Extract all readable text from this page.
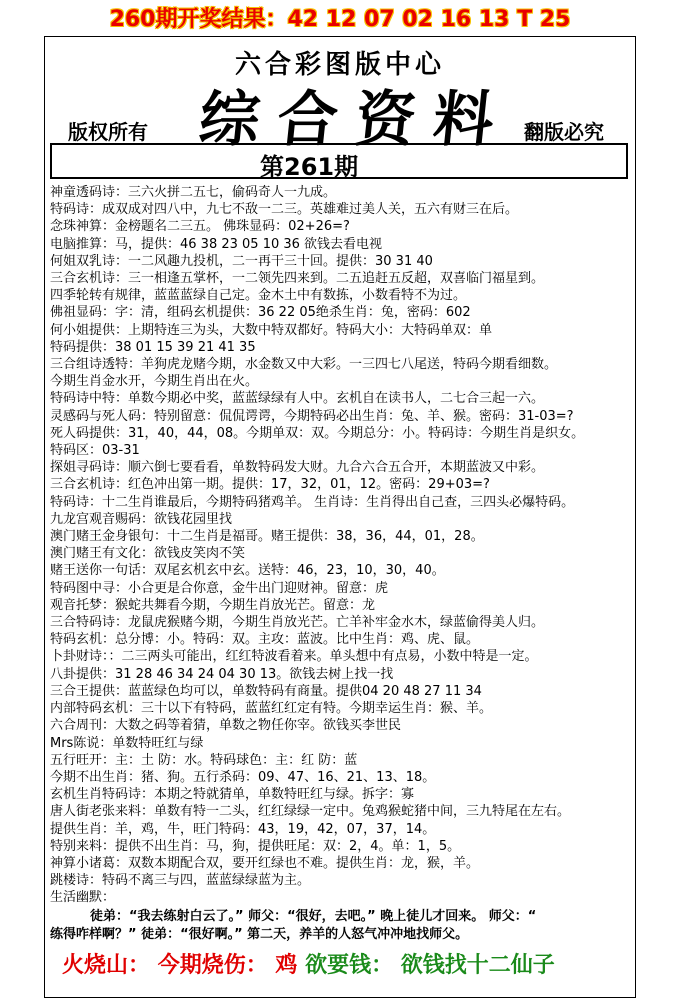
260期开奖结果：42 12 07 02 16 13 T 25
六合彩图版中心
综合资料
版权所有	翻版必究
第261期
神童透码诗：三六火拼二五七，偷码奇人一九成。
特码诗：成双成对四八中，九七不敌一二三。英雄难过美人关，五六有财三在后。
念珠神算：金榜题名二三五。 佛珠显码：02+26=?
电脑推算：马，提供：46 38 23 05 10 36 欲钱去看电视
何姐双乳诗：一二风趣九投机，二一再干三十回。提供：30 31 40
三合玄机诗：三一相逢五掌杯，一二领先四来到。二五追赶五反超，双喜临门福星到。
四季轮转有规律，蓝蓝蓝绿自己定。金木土中有数拣，小数看特不为过。
佛祖显码：字：清，组码玄机提供：36 22 05绝杀生肖：兔，密码：602
何小姐提供：上期特连三为头，大数中特双都好。特码大小：大特码单双：单
特码提供：38 01 15 39 21 41 35
三合组诗透特：羊狗虎龙赌今期，水金数又中大彩。一三四七八尾送，特码今期看细数。
今期生肖金水开，今期生肖出在火。
特码诗中特：单数今期必中奖，蓝蓝绿绿有人中。玄机自在读书人，二七合三起一六。
灵感码与死人码：特别留意：侃侃谔谔，今期特码必出生肖：兔、羊、猴。密码：31-03=?
死人码提供：31，40，44，08。今期单双：双。今期总分：小。特码诗：今期生肖是织女。
特码区：03-31
探姐寻码诗：顺六倒七要看看，单数特码发大财。九合六合五合开，本期蓝波又中彩。
三合玄机诗：红色冲出第一期。提供：17，32，01，12。密码：29+03=?
特码诗：十二生肖谁最后，今期特码猪鸡羊。 生肖诗：生肖得出自己查，三四头必爆特码。
九龙宫观音赐码：欲钱花园里找
澳门赌王金身银句：十二生肖是福哥。赌王提供：38，36，44，01，28。
澳门赌王有文化：欲钱皮笑肉不笑
赌王送你一句话：双尾玄机玄中玄。送特：46，23，10，30，40。
特码图中寻：小合更是合你意，金牛出门迎财神。留意：虎
观音托梦：猴蛇共舞看今期，今期生肖放光芒。留意：龙
三合特码诗：龙鼠虎猴赌今期，今期生肖放光芒。亡羊补牢金水木，绿蓝偷得美人归。
特码玄机：总分博：小。特码：双。主攻：蓝波。比中生肖：鸡、虎、鼠。
卜卦财诗：：二三两头可能出，红红特波看着来。单头想中有点易，小数中特是一定。
八卦提供：31 28 46 34 24 04 30 13。欲钱去树上找一找
三合王提供：蓝蓝绿色均可以，单数特码有商量。提供04 20 48 27 11 34
内部特码玄机：三十以下有特码，蓝蓝红红定有特。今期幸运生肖：猴、羊。
六合周刊：大数之码等着猜，单数之物任你宰。欲钱买李世民
Mrs陈说：单数特旺红与绿
五行旺开：主：土 防：水。特码球色：主：红 防：蓝
今期不出生肖：猪、狗。五行杀码：09、47、16、21、13、18。
玄机生肖特码诗：本期之特就猜单，单数特旺红与绿。拆字：寡
唐人街老张来料：单数有特一二头，红红绿绿一定中。兔鸡猴蛇猪中间，三九特尾在左右。
提供生肖：羊，鸡，牛，旺门特码：43，19，42，07，37，14。
特别来料：提供不出生肖：马，狗，提供旺尾：双：2，4。单：1，5。
神算小诸葛：双数本期配合双，要开红绿也不难。提供生肖：龙，猴，羊。
跳楼诗：特码不离三与四，蓝蓝绿绿蓝为主。
生活幽默：
徒弟：“我去练射白云了。” 师父：“很好，去吧。” 晚上徒儿才回来。 师父：“
练得咋样啊？” 徒弟：“很好啊。” 第二天，养羊的人怒气冲冲地找师父。
火烧山： 今期烧伤： 鸡 欲要钱： 欲钱找十二仙子
